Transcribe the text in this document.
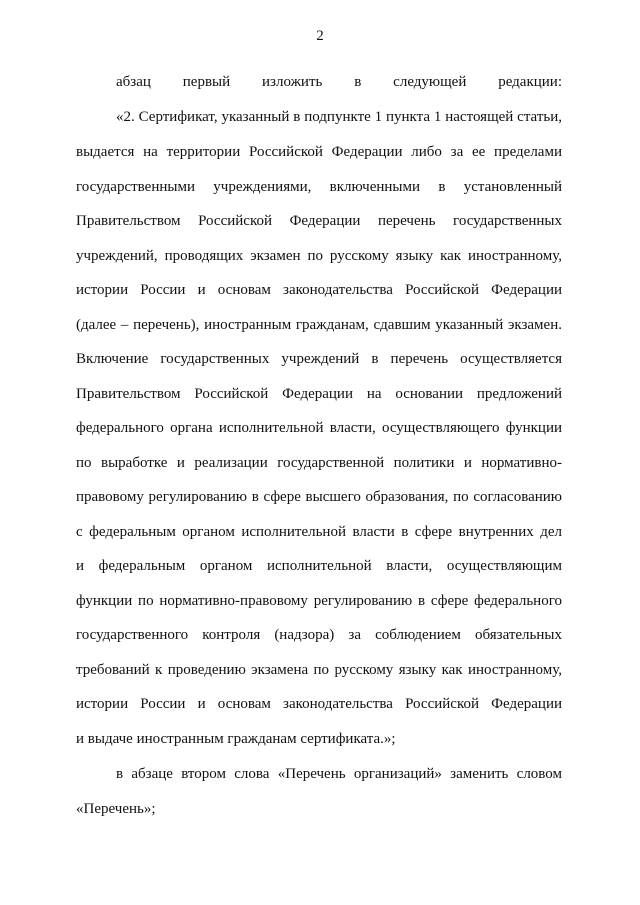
2
абзац первый изложить в следующей редакции:
«2. Сертификат, указанный в подпункте 1 пункта 1 настоящей статьи,
выдается на территории Российской Федерации либо за ее пределами
государственными учреждениями, включенными в установленный
Правительством Российской Федерации перечень государственных
учреждений, проводящих экзамен по русскому языку как иностранному,
истории России и основам законодательства Российской Федерации
(далее – перечень), иностранным гражданам, сдавшим указанный экзамен.
Включение государственных учреждений в перечень осуществляется
Правительством Российской Федерации на основании предложений
федерального органа исполнительной власти, осуществляющего функции
по выработке и реализации государственной политики и нормативно-
правовому регулированию в сфере высшего образования, по согласованию
с федеральным органом исполнительной власти в сфере внутренних дел
и федеральным органом исполнительной власти, осуществляющим
функции по нормативно-правовому регулированию в сфере федерального
государственного контроля (надзора) за соблюдением обязательных
требований к проведению экзамена по русскому языку как иностранному,
истории России и основам законодательства Российской Федерации
и выдаче иностранным гражданам сертификата.»;
в абзаце втором слова «Перечень организаций» заменить словом
«Перечень»;
